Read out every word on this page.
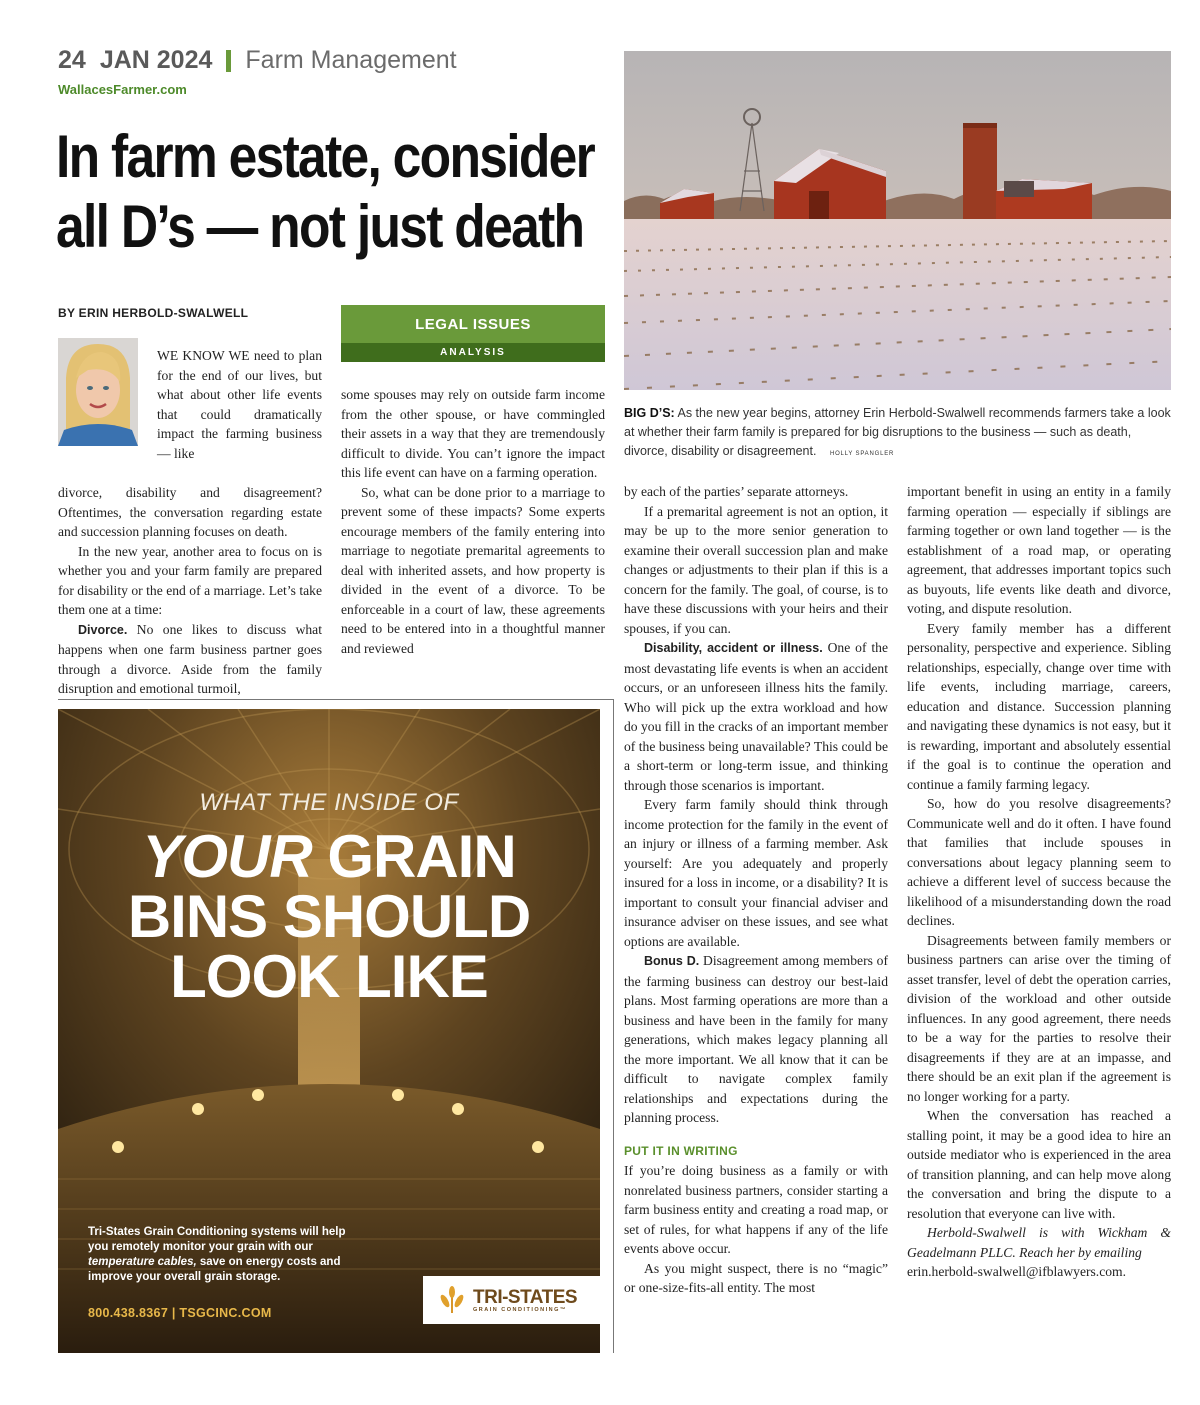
24 JAN 2024 Farm Management
WallacesFarmer.com
In farm estate, consider
all D’s — not just death
BY ERIN HERBOLD-SWALWELL
LEGAL ISSUES
ANALYSIS
BIG D’S: As the new year begins, attorney Erin Herbold-Swalwell recommends farmers take a look at whether their farm family is prepared for big disruptions to the business — such as death, divorce, disability or disagreement. HOLLY SPANGLER

WE KNOW WE need to plan for the end of our lives, but what about other life events that could dramatically impact the farming business — like

divorce, disability and disagreement? Oftentimes, the conversation regarding estate and succession planning focuses on death.

In the new year, another area to focus on is whether you and your farm family are prepared for disability or the end of a marriage. Let’s take them one at a time:

Divorce. No one likes to discuss what happens when one farm business partner goes through a divorce. Aside from the family disruption and emotional turmoil,

some spouses may rely on outside farm income from the other spouse, or have commingled their assets in a way that they are tremendously difficult to divide. You can’t ignore the impact this life event can have on a farming operation.

So, what can be done prior to a marriage to prevent some of these impacts? Some experts encourage members of the family entering into marriage to negotiate premarital agreements to deal with inherited assets, and how property is divided in the event of a divorce. To be enforceable in a court of law, these agreements need to be entered into in a thoughtful manner and reviewed

by each of the parties’ separate attorneys.

If a premarital agreement is not an option, it may be up to the more senior generation to examine their overall succession plan and make changes or adjustments to their plan if this is a concern for the family. The goal, of course, is to have these discussions with your heirs and their spouses, if you can.

Disability, accident or illness. One of the most devastating life events is when an accident occurs, or an unforeseen illness hits the family. Who will pick up the extra workload and how do you fill in the cracks of an important member of the business being unavailable? This could be a short-term or long-term issue, and thinking through those scenarios is important.

Every farm family should think through income protection for the family in the event of an injury or illness of a farming member. Ask yourself: Are you adequately and properly insured for a loss in income, or a disability? It is important to consult your financial adviser and insurance adviser on these issues, and see what options are available.

Bonus D. Disagreement among members of the farming business can destroy our best-laid plans. Most farming operations are more than a business and have been in the family for many generations, which makes legacy planning all the more important. We all know that it can be difficult to navigate complex family relationships and expectations during the planning process.

PUT IT IN WRITING

If you’re doing business as a family or with nonrelated business partners, consider starting a farm business entity and creating a road map, or set of rules, for what happens if any of the life events above occur.

As you might suspect, there is no “magic” or one-size-fits-all entity. The most

important benefit in using an entity in a family farming operation — especially if siblings are farming together or own land together — is the establishment of a road map, or operating agreement, that addresses important topics such as buyouts, life events like death and divorce, voting, and dispute resolution.

Every family member has a different personality, perspective and experience. Sibling relationships, especially, change over time with life events, including marriage, careers, education and distance. Succession planning and navigating these dynamics is not easy, but it is rewarding, important and absolutely essential if the goal is to continue the operation and continue a family farming legacy.

So, how do you resolve disagreements? Communicate well and do it often. I have found that families that include spouses in conversations about legacy planning seem to achieve a different level of success because the likelihood of a misunderstanding down the road declines.

Disagreements between family members or business partners can arise over the timing of asset transfer, level of debt the operation carries, division of the workload and other outside influences. In any good agreement, there needs to be a way for the parties to resolve their disagreements if they are at an impasse, and there should be an exit plan if the agreement is no longer working for a party.

When the conversation has reached a stalling point, it may be a good idea to hire an outside mediator who is experienced in the area of transition planning, and can help move along the conversation and bring the dispute to a resolution that everyone can live with.

Herbold-Swalwell is with Wickham & Geadelmann PLLC. Reach her by emailing

erin.herbold-swalwell@ifblawyers.com.

WHAT THE INSIDE OF
YOUR GRAIN
BINS SHOULD
LOOK LIKE
Tri-States Grain Conditioning systems will help you remotely monitor your grain with our temperature cables, save on energy costs and improve your overall grain storage.
800.438.8367 | TSGCINC.COM
TRI-STATES
GRAIN CONDITIONING™
